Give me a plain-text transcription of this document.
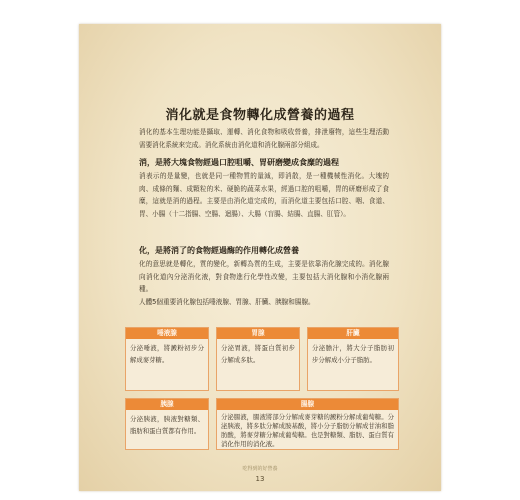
消化就是食物轉化成營養的過程
消化的基本生理功能是攝取、運轉、消化食物和吸收營養，排泄廢物，這些生理活動需要消化系統來完成。消化系統由消化道和消化腺兩部分組成。
消，是將大塊食物經過口腔咀嚼、胃研磨變成食糜的過程
消表示的是量變，也就是同一種物質的量減，即消散，是一種機械性消化。大塊的肉、成條的麵、成顆粒的米、硬脆的蔬菜水果，經過口腔的咀嚼，胃的研磨形成了食糜，這就是消的過程。主要是由消化道完成的，而消化道主要包括口腔、咽、食道、胃、小腸（十二指腸、空腸、迴腸）、大腸（盲腸、結腸、直腸、肛管）。
化，是將消了的食物經過酶的作用轉化成營養
化的意思就是轉化，質的變化，新轉為質的生成，主要是依靠消化腺完成的。消化腺向消化道內分泌消化液，對食物進行化學性改變，主要包括大消化腺和小消化腺兩種。
人體5個重要消化腺包括唾液腺、胃腺、肝臟、胰腺和腸腺。
唾液腺
分泌唾液，將澱粉初步分解成麥芽糖。
胃腺
分泌胃液，將蛋白質初步分解成多肽。
肝臟
分泌膽汁，將大分子脂肪初步分解成小分子脂肪。
胰腺
分泌胰液，胰液對糖類、脂肪和蛋白質都有作用。
腸腺
分泌腸液，腸液將部分分解成麥芽糖的澱粉分解成葡萄糖。分泌胰液，將多肽分解成胺基酸，將小分子脂肪分解成甘油和脂肪酸，將麥芽糖分解成葡萄糖。也是對糖類、脂肪、蛋白質有消化作用的消化液。
吃得到的好營養
13
